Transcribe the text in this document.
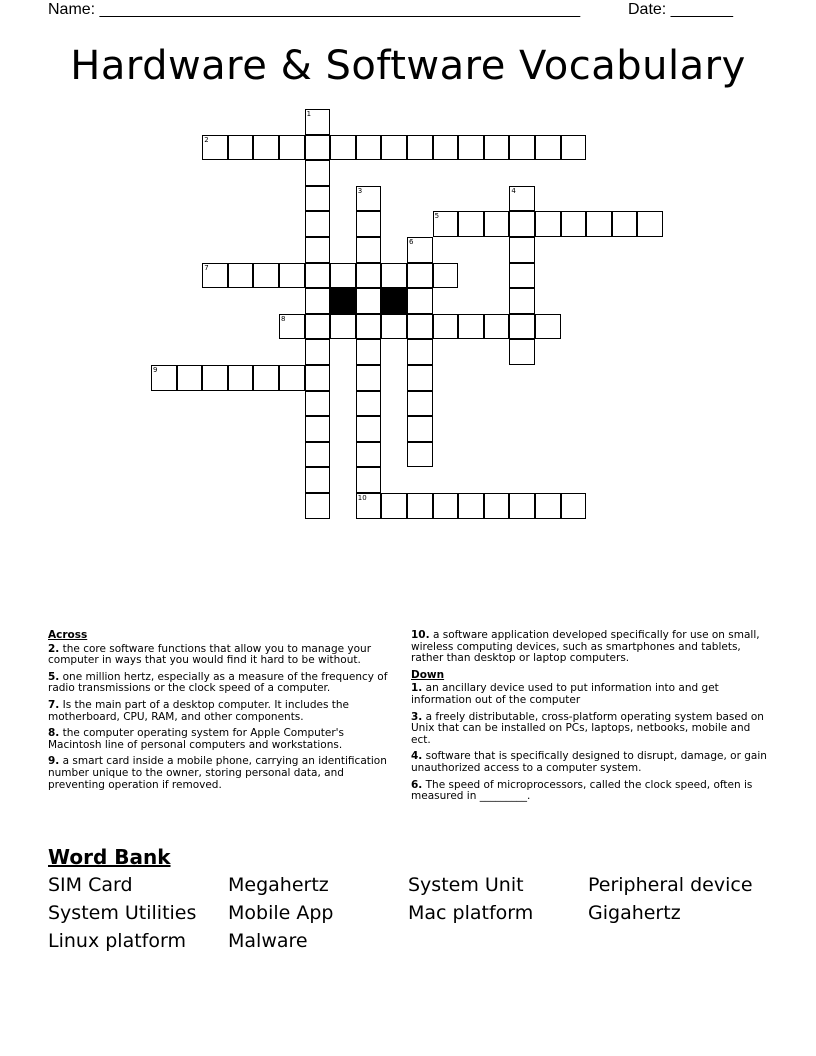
Name: ______________________________________________________	Date: _______
Hardware & Software Vocabulary
1
2
3
10
4
5
6
7
8
9
Across
2. the core software functions that allow you to manage your computer in ways that you would find it hard to be without.
5. one million hertz, especially as a measure of the frequency of radio transmissions or the clock speed of a computer.
7. Is the main part of a desktop computer. It includes the motherboard, CPU, RAM, and other components.
8. the computer operating system for Apple Computer's Macintosh line of personal computers and workstations.
9. a smart card inside a mobile phone, carrying an identification number unique to the owner, storing personal data, and preventing operation if removed.
10. a software application developed specifically for use on small, wireless computing devices, such as smartphones and tablets, rather than desktop or laptop computers.
Down
1. an ancillary device used to put information into and get information out of the computer
3. a freely distributable, cross-platform operating system based on Unix that can be installed on PCs, laptops, netbooks, mobile and ect.
4. software that is specifically designed to disrupt, damage, or gain unauthorized access to a computer system.
6. The speed of microprocessors, called the clock speed, often is measured in _________.
Word Bank
SIM Card	Megahertz	System Unit	Peripheral device
System Utilities	Mobile App	Mac platform	Gigahertz
Linux platform	Malware
